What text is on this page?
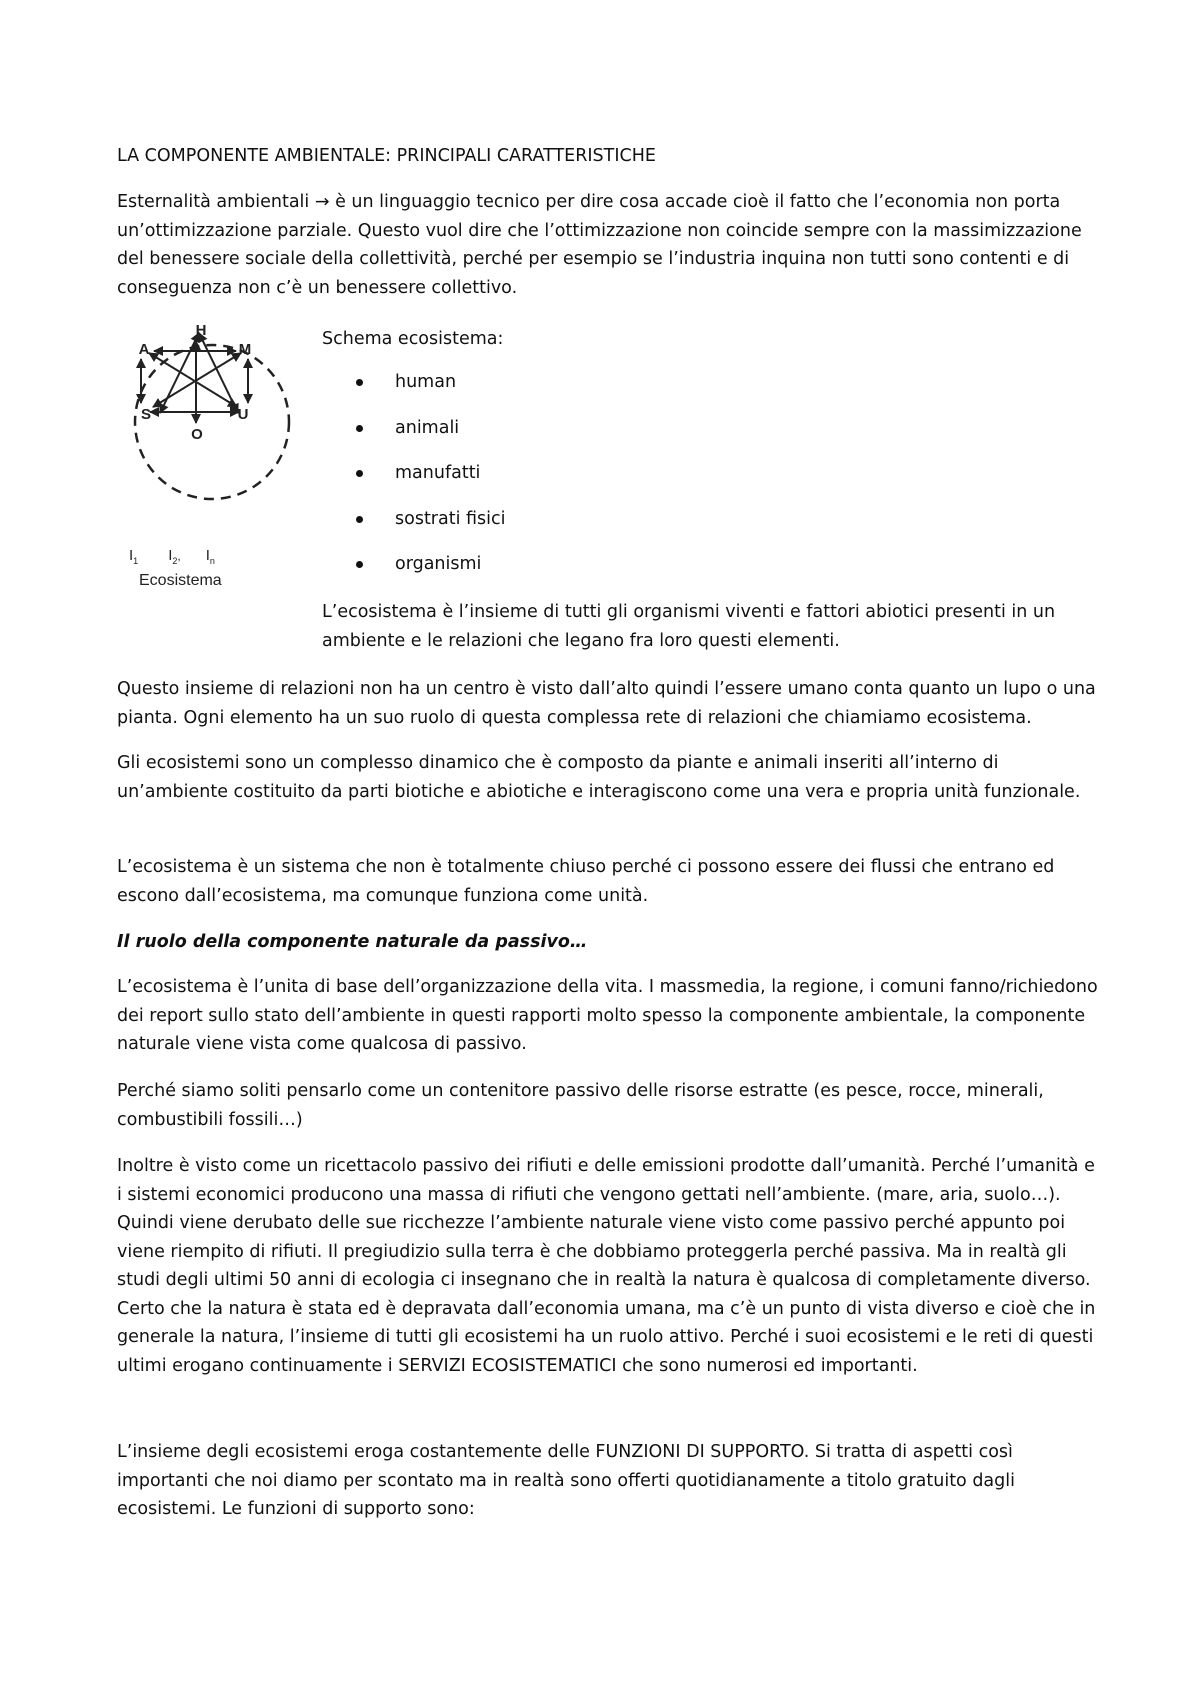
LA COMPONENTE AMBIENTALE: PRINCIPALI CARATTERISTICHE

Esternalità ambientali → è un linguaggio tecnico per dire cosa accade cioè il fatto che l’economia non porta un’ottimizzazione parziale. Questo vuol dire che l’ottimizzazione non coincide sempre con la massimizzazione del benessere sociale della collettività, perché per esempio se l’industria inquina non tutti sono contenti e di conseguenza non c’è un benessere collettivo.

H
M
U
O
S
A
$I_1$ $I_2^,$ $I_n$
Ecosistema

Schema ecosistema:

human
animali
manufatti
sostrati fisici
organismi

L’ecosistema è l’insieme di tutti gli organismi viventi e fattori abiotici presenti in un ambiente e le relazioni che legano fra loro questi elementi.

Questo insieme di relazioni non ha un centro è visto dall’alto quindi l’essere umano conta quanto un lupo o una pianta. Ogni elemento ha un suo ruolo di questa complessa rete di relazioni che chiamiamo ecosistema.

Gli ecosistemi sono un complesso dinamico che è composto da piante e animali inseriti all’interno di un’ambiente costituito da parti biotiche e abiotiche e interagiscono come una vera e propria unità funzionale.

L’ecosistema è un sistema che non è totalmente chiuso perché ci possono essere dei flussi che entrano ed escono dall’ecosistema, ma comunque funziona come unità.

Il ruolo della componente naturale da passivo…

L’ecosistema è l’unita di base dell’organizzazione della vita. I massmedia, la regione, i comuni fanno/richiedono dei report sullo stato dell’ambiente in questi rapporti molto spesso la componente ambientale, la componente naturale viene vista come qualcosa di passivo.

Perché siamo soliti pensarlo come un contenitore passivo delle risorse estratte (es pesce, rocce, minerali, combustibili fossili…)

Inoltre è visto come un ricettacolo passivo dei rifiuti e delle emissioni prodotte dall’umanità. Perché l’umanità e i sistemi economici producono una massa di rifiuti che vengono gettati nell’ambiente. (mare, aria, suolo…). Quindi viene derubato delle sue ricchezze l’ambiente naturale viene visto come passivo perché appunto poi viene riempito di rifiuti. Il pregiudizio sulla terra è che dobbiamo proteggerla perché passiva. Ma in realtà gli studi degli ultimi 50 anni di ecologia ci insegnano che in realtà la natura è qualcosa di completamente diverso. Certo che la natura è stata ed è depravata dall’economia umana, ma c’è un punto di vista diverso e cioè che in generale la natura, l’insieme di tutti gli ecosistemi ha un ruolo attivo. Perché i suoi ecosistemi e le reti di questi ultimi erogano continuamente i SERVIZI ECOSISTEMATICI che sono numerosi ed importanti.

L’insieme degli ecosistemi eroga costantemente delle FUNZIONI DI SUPPORTO. Si tratta di aspetti così importanti che noi diamo per scontato ma in realtà sono offerti quotidianamente a titolo gratuito dagli ecosistemi. Le funzioni di supporto sono:
